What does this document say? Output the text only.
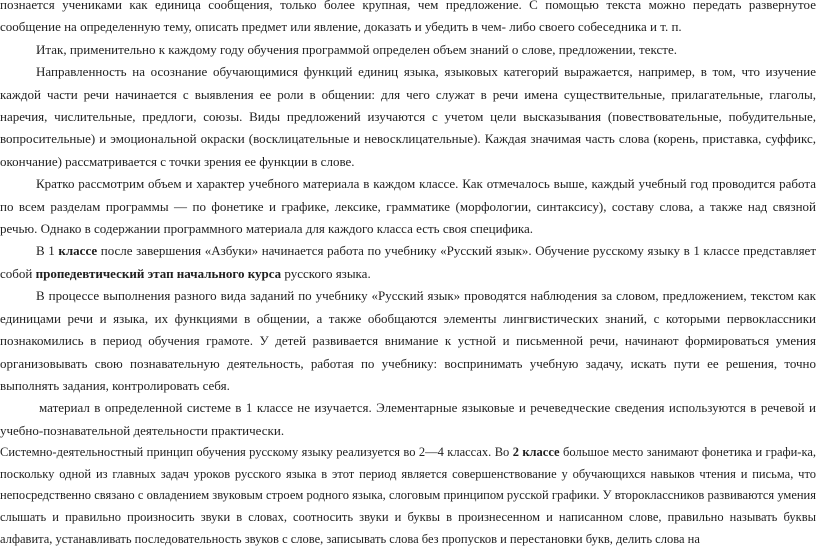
познается учениками как единица сообщения, только более крупная, чем предложение. С помощью текста можно передать развернутое сообщение на определенную тему, описать предмет или явление, доказать и убедить в чем- либо своего собеседника и т. п.

Итак, применительно к каждому году обучения программой определен объем знаний о слове, предложении, тексте.

Направленность на осознание обучающимися функций единиц языка, языковых категорий выражается, например, в том, что изучение каждой части речи начинается с выявления ее роли в общении: для чего служат в речи имена существительные, прилагательные, глаголы, наречия, числительные, предлоги, союзы. Виды предложений изучаются с учетом цели высказывания (повествовательные, побудительные, вопросительные) и эмоциональной окраски (восклицательные и невосклицательные). Каждая значимая часть слова (корень, приставка, суффикс, окончание) рассматривается с точки зрения ее функции в слове.

Кратко рассмотрим объем и характер учебного материала в каждом классе. Как отмечалось выше, каждый учебный год проводится работа по всем разделам программы — по фонетике и графике, лексике, грамматике (морфологии, синтаксису), составу слова, а также над связной речью. Однако в содержании программного материала для каждого класса есть своя специфика.

В 1 классе после завершения «Азбуки» начинается работа по учебнику «Русский язык». Обучение русскому языку в 1 классе представляет собой пропедевтический этап начального курса русского языка.

В процессе выполнения разного вида заданий по учебнику «Русский язык» проводятся наблюдения за словом, предложением, текстом как единицами речи и языка, их функциями в общении, а также обобщаются элементы лингвистических знаний, с которыми первоклассники познакомились в период обучения грамоте. У детей развивается внимание к устной и письменной речи, начинают формироваться умения организовывать свою познавательную деятельность, работая по учебнику: воспринимать учебную задачу, искать пути ее решения, точно выполнять задания, контролировать себя.

материал в определенной системе в 1 классе не изучается. Элементарные языковые и речеведческие сведения используются в речевой и учебно-познавательной деятельности практически.

Системно-деятельностный принцип обучения русскому языку реализуется во 2—4 классах. Во 2 классе большое место занимают фонетика и графи-ка, поскольку одной из главных задач уроков русского языка в этот период является совершенствование у обучающихся навыков чтения и письма, что непосредственно связано с овладением звуковым строем родного языка, слоговым принципом русской графики. У второклассников развиваются умения слышать и правильно произносить звуки в словах, соотносить звуки и буквы в произнесенном и написанном слове, правильно называть буквы алфавита, устанавливать последовательность звуков с слове, записывать слова без пропусков и перестановки букв, делить слова на
